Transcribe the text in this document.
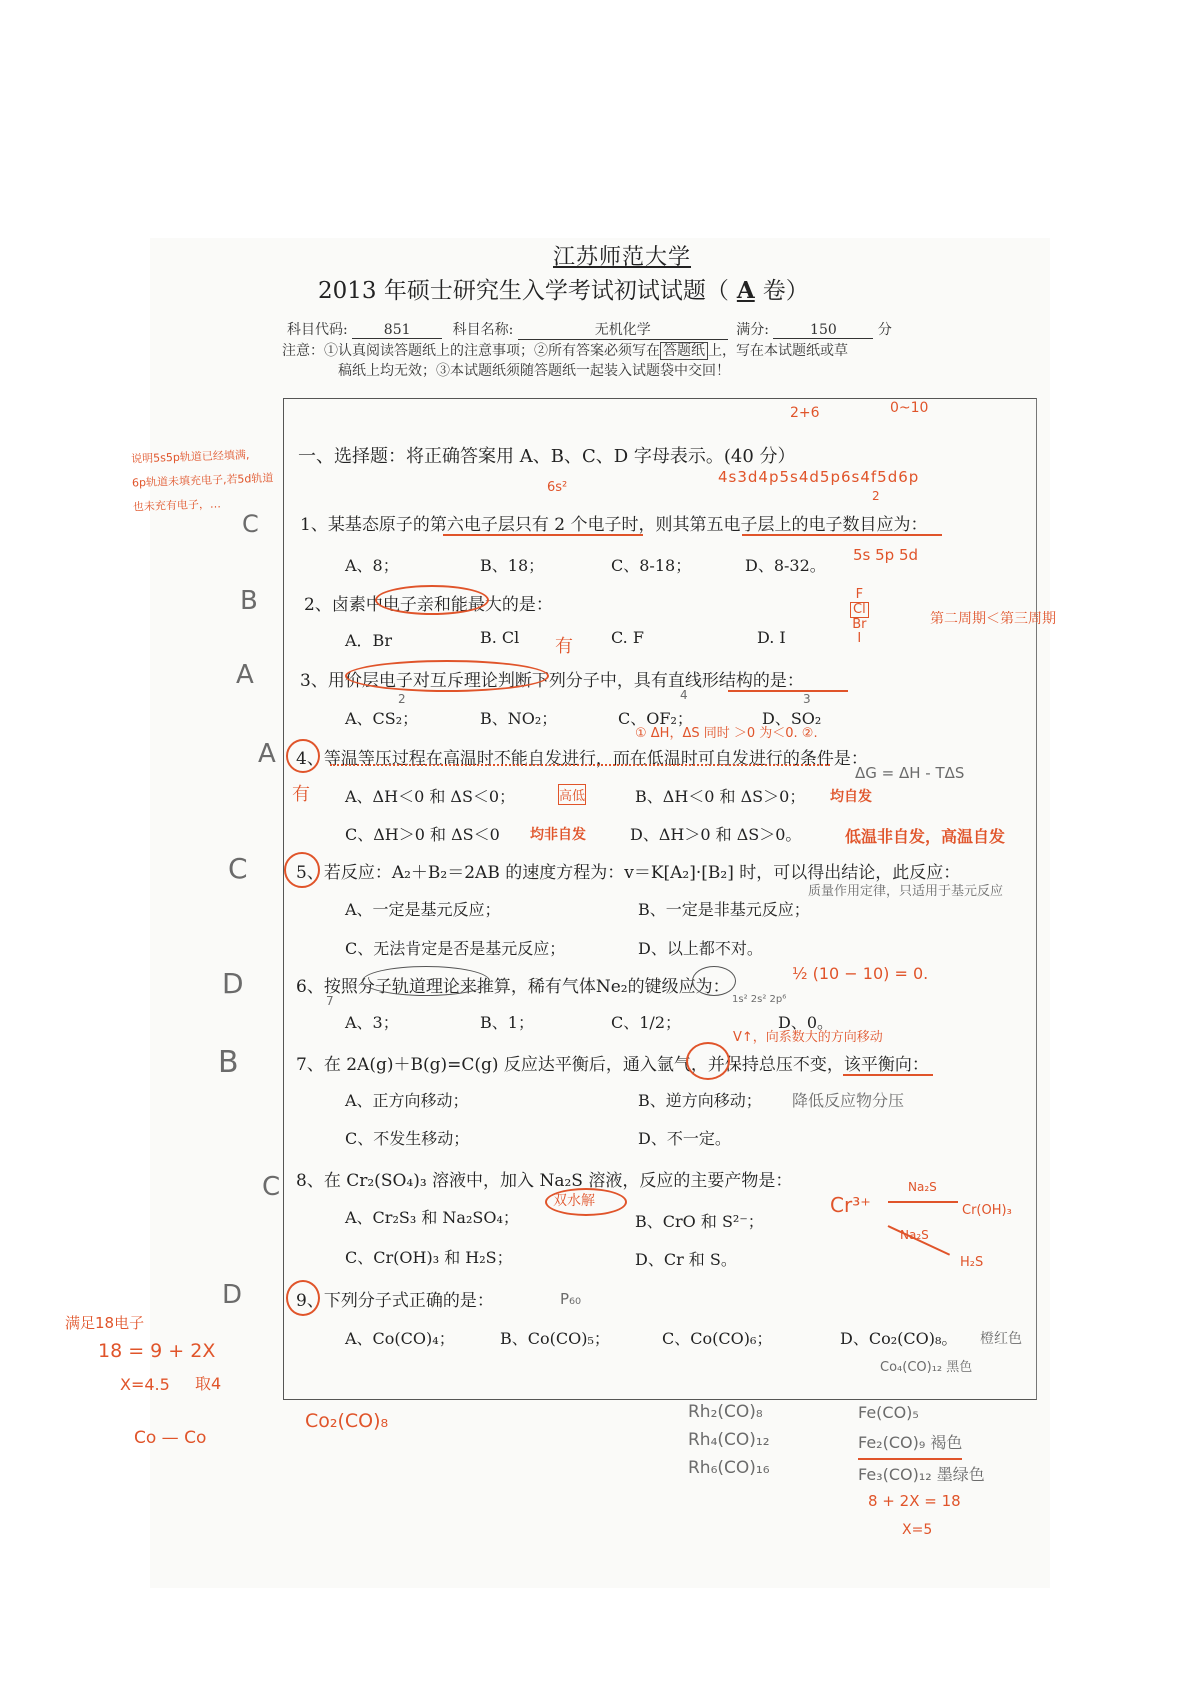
江苏师范大学
2013 年硕士研究生入学考试初试试题（ A 卷）
科目代码:	851	科目名称:	无机化学	满分:	150	分
注意：①认真阅读答题纸上的注意事项；②所有答案必须写在 答题纸 上，写在本试题纸或草
稿纸上均无效；③本试题纸须随答题纸一起装入试题袋中交回！
2+6	0~10
说明5s5p轨道已经填满,
6p轨道未填充电子,若5d轨道
也未充有电子，…
一、选择题：将正确答案用 A、B、C、D 字母表示。(40 分）
4s3d4p5s4d5p6s4f5d6p
6s²
2
C 1、某基态原子的第六电子层只有 2 个电子时，则其第五电子层上的电子数目应为：
A、8；	B、18；	C、8-18；	D、8-32。
5s 5p 5d
B	2、卤素中电子亲和能最大的是：
A．Br	B. Cl	C. F	D. I
有
F
Cl
Br
I
第二周期＜第三周期
A	3、用价层电子对互斥理论判断下列分子中，具有直线形结构的是：
2	4	3
A、CS₂；	B、NO₂；	C、OF₂；	D、SO₂
① ΔH，ΔS 同时 ＞0 为＜0. ②.
A 4、等温等压过程在高温时不能自发进行，而在低温时可自发进行的条件是：
有
ΔG = ΔH - TΔS
A、ΔH＜0 和 ΔS＜0；	高低	B、ΔH＜0 和 ΔS＞0； 均自发
C、ΔH＞0 和 ΔS＜0 均非自发	D、ΔH＞0 和 ΔS＞0。	低温非自发，高温自发
C	5、若反应：A₂＋B₂＝2AB 的速度方程为：v＝K[A₂]·[B₂] 时，可以得出结论，此反应：
质量作用定律，只适用于基元反应
A、一定是基元反应；	B、一定是非基元反应；
C、无法肯定是否是基元反应；	D、以上都不对。
D	6、按照分子轨道理论来推算，稀有气体Ne₂的键级应为：
½ (10 − 10) = 0.
1s² 2s² 2p⁶
7
A、3；	B、1；	C、1/2；	D、0。
B
V↑，向系数大的方向移动
7、在 2A(g)＋B(g)=C(g) 反应达平衡后，通入氩气，并保持总压不变，该平衡向：
A、正方向移动；	B、逆方向移动； 降低反应物分压
C、不发生移动；	D、不一定。
C 8、在 Cr₂(SO₄)₃ 溶液中，加入 Na₂S 溶液，反应的主要产物是：
双水解
A、Cr₂S₃ 和 Na₂SO₄；	B、CrO 和 S²⁻；
C、Cr(OH)₃ 和 H₂S；	D、Cr 和 S。
Cr³⁺
Na₂S
Cr(OH)₃
Na₂S
H₂S
D	9、下列分子式正确的是：	P₆₀
A、Co(CO)₄；	B、Co(CO)₅；	C、Co(CO)₆；	D、Co₂(CO)₈。 橙红色
Co₄(CO)₁₂ 黑色
满足18电子
18 = 9 + 2X
X=4.5 取4
Co — Co
Co₂(CO)₈	Rh₂(CO)₈
Rh₄(CO)₁₂
Rh₆(CO)₁₆
Fe(CO)₅
Fe₂(CO)₉ 褐色
Fe₃(CO)₁₂ 墨绿色
8 + 2X = 18
X=5
